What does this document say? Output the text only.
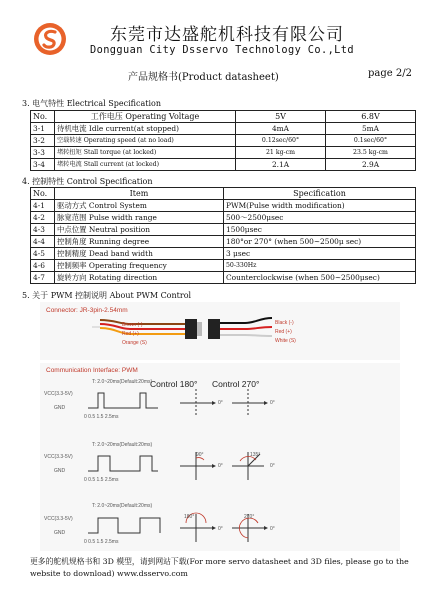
东莞市达盛舵机科技有限公司
Dongguan City Dsservo Technology Co.,Ltd
产品规格书(Product datasheet)	page 2/2
3. 电气特性 Electrical Specification
No.	工作电压 Operating Voltage	5V	6.8V
3-1	待机电流 Idle current(at stopped)	4mA	5mA
3-2	空载转速 Operating speed (at no load)	0.12sec/60°	0.1sec/60°
3-3	堵转扭矩 Stall torque (at locked)	21 kg-cm	23.5 kg-cm
3-4	堵转电流 Stall current (at locked)	2.1A	2.9A
4. 控制特性 Control Specification
No.	Item	Specification
4-1	驱动方式 Control System	PWM(Pulse width modification)
4-2	脉宽范围 Pulse width range	500～2500μsec
4-3	中点位置 Neutral position	1500μsec
4-4	控制角度 Running degree	180°or 270° (when 500~2500μ sec)
4-5	控制精度 Dead band width	3 μsec
4-6	控制频率 Operating frequency	50-330Hz
4-7	旋转方向 Rotating direction	Counterclockwise (when 500~2500μsec)
5. 关于 PWM 控制说明 About PWM Control
Connector: JR-3pin-2.54mm
Brown (-)
Red (+)
Orange (S)
Black (-)
Red (+)
White (S)
Communication Interface: PWM
Control 180° Control 270°
VCC(3.3-5V)
GND
T: 2.0~20ms(Default:20ms)
0 0.5 1.5 2.5ms
VCC(3.3-5V)
GND
T: 2.0~20ms(Default:20ms)
0 0.5 1.5 2.5ms
VCC(3.3-5V)
GND
T: 2.0~20ms(Default:20ms)
0 0.5 1.5 2.5ms
0°	0°
90°	135°
0°	0°
180°	270°
0°	0°
更多的舵机规格书和 3D 模型，请到网站下载(For more servo datasheet and 3D files, please go to the website to download) www.dsservo.com
